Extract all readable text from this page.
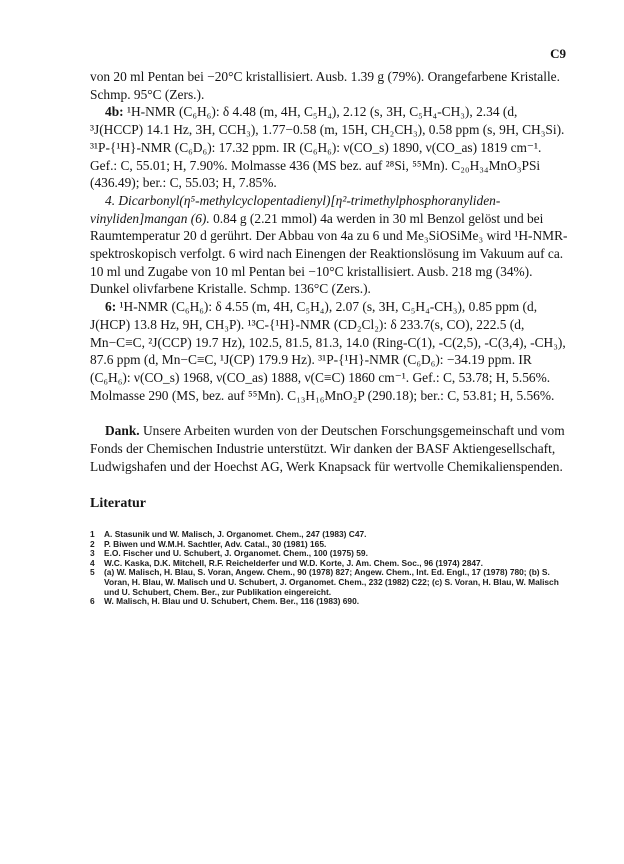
C9

von 20 ml Pentan bei −20°C kristallisiert. Ausb. 1.39 g (79%). Orangefarbene Kristalle. Schmp. 95°C (Zers.).

4b: ¹H-NMR (C₆H₆): δ 4.48 (m, 4H, C₅H₄), 2.12 (s, 3H, C₅H₄-CH₃), 2.34 (d, ³J(HCCP) 14.1 Hz, 3H, CCH₃), 1.77−0.58 (m, 15H, CH₂CH₃), 0.58 ppm (s, 9H, CH₃Si). ³¹P-{¹H}-NMR (C₆D₆): 17.32 ppm. IR (C₆H₆): ν(CO_s) 1890, ν(CO_as) 1819 cm⁻¹. Gef.: C, 55.01; H, 7.90%. Molmasse 436 (MS bez. auf ²⁸Si, ⁵⁵Mn). C₂₀H₃₄MnO₃PSi (436.49); ber.: C, 55.03; H, 7.85%.

4. Dicarbonyl(η⁵-methylcyclopentadienyl)[η²-trimethylphosphoranyliden-vinyliden]mangan (6). 0.84 g (2.21 mmol) 4a werden in 30 ml Benzol gelöst und bei Raumtemperatur 20 d gerührt. Der Abbau von 4a zu 6 und Me₃SiOSiMe₃ wird ¹H-NMR-spektroskopisch verfolgt. 6 wird nach Einengen der Reaktionslösung im Vakuum auf ca. 10 ml und Zugabe von 10 ml Pentan bei −10°C kristallisiert. Ausb. 218 mg (34%). Dunkel olivfarbene Kristalle. Schmp. 136°C (Zers.).

6: ¹H-NMR (C₆H₆): δ 4.55 (m, 4H, C₅H₄), 2.07 (s, 3H, C₅H₄-CH₃), 0.85 ppm (d, J(HCP) 13.8 Hz, 9H, CH₃P). ¹³C-{¹H}-NMR (CD₂Cl₂): δ 233.7(s, CO), 222.5 (d, Mn−C≡C, ²J(CCP) 19.7 Hz), 102.5, 81.5, 81.3, 14.0 (Ring-C(1), -C(2,5), -C(3,4), -CH₃), 87.6 ppm (d, Mn−C≡C, ¹J(CP) 179.9 Hz). ³¹P-{¹H}-NMR (C₆D₆): −34.19 ppm. IR (C₆H₆): ν(CO_s) 1968, ν(CO_as) 1888, ν(C≡C) 1860 cm⁻¹. Gef.: C, 53.78; H, 5.56%. Molmasse 290 (MS, bez. auf ⁵⁵Mn). C₁₃H₁₆MnO₂P (290.18); ber.: C, 53.81; H, 5.56%.

Dank. Unsere Arbeiten wurden von der Deutschen Forschungsgemeinschaft und vom Fonds der Chemischen Industrie unterstützt. Wir danken der BASF Aktiengesellschaft, Ludwigshafen und der Hoechst AG, Werk Knapsack für wertvolle Chemikalienspenden.

Literatur
1	A. Stasunik und W. Malisch, J. Organomet. Chem., 247 (1983) C47.
2	P. Biwen und W.M.H. Sachtler, Adv. Catal., 30 (1981) 165.
3	E.O. Fischer und U. Schubert, J. Organomet. Chem., 100 (1975) 59.
4	W.C. Kaska, D.K. Mitchell, R.F. Reichelderfer und W.D. Korte, J. Am. Chem. Soc., 96 (1974) 2847.
5	(a) W. Malisch, H. Blau, S. Voran, Angew. Chem., 90 (1978) 827; Angew. Chem., Int. Ed. Engl., 17 (1978) 780; (b) S. Voran, H. Blau, W. Malisch und U. Schubert, J. Organomet. Chem., 232 (1982) C22; (c) S. Voran, H. Blau, W. Malisch und U. Schubert, Chem. Ber., zur Publikation eingereicht.
6	W. Malisch, H. Blau und U. Schubert, Chem. Ber., 116 (1983) 690.
